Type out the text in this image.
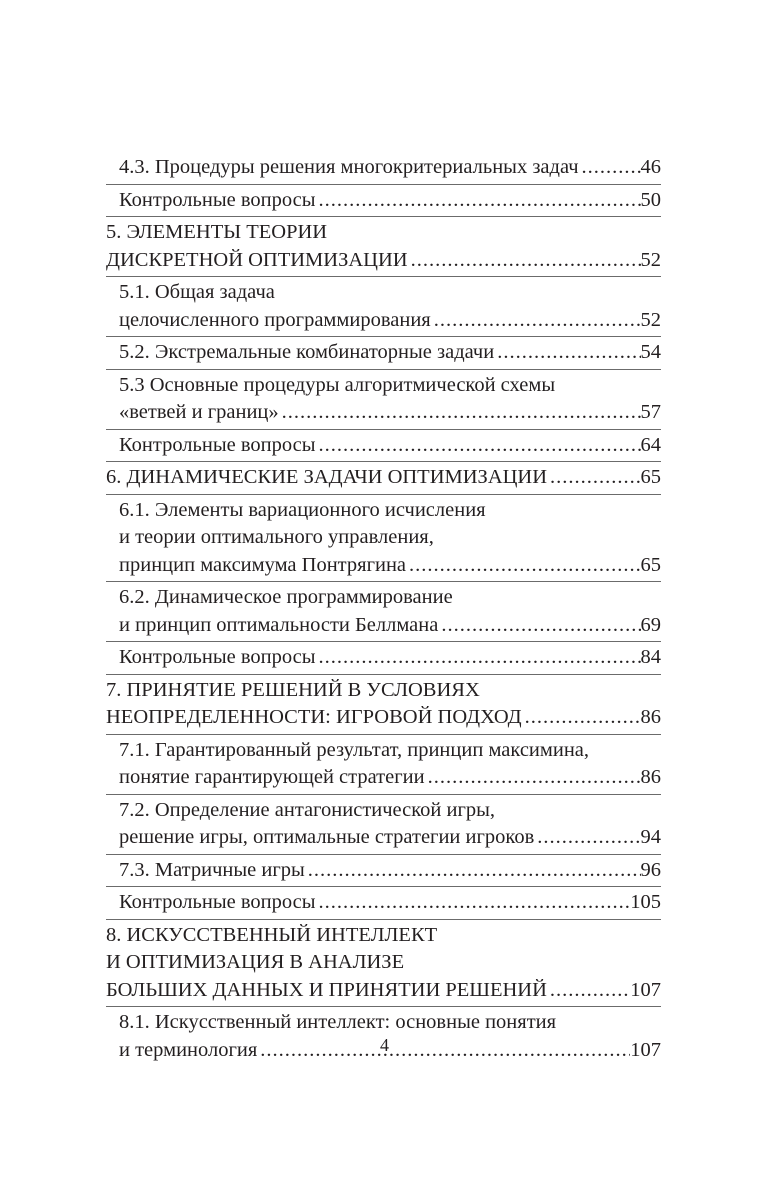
4.3. Процедуры решения многокритериальных задач .....	46
Контрольные вопросы .....	50
5. ЭЛЕМЕНТЫ ТЕОРИИ
ДИСКРЕТНОЙ ОПТИМИЗАЦИИ .....	52
5.1. Общая задача
целочисленного программирования .....	52
5.2. Экстремальные комбинаторные задачи .....	54
5.3 Основные процедуры алгоритмической схемы
«ветвей и границ» .....	57
Контрольные вопросы .....	64
6. ДИНАМИЧЕСКИЕ ЗАДАЧИ ОПТИМИЗАЦИИ .....	65
6.1. Элементы вариационного исчисления
и теории оптимального управления,
принцип максимума Понтрягина .....	65
6.2. Динамическое программирование
и принцип оптимальности Беллмана .....	69
Контрольные вопросы .....	84
7. ПРИНЯТИЕ РЕШЕНИЙ В УСЛОВИЯХ
НЕОПРЕДЕЛЕННОСТИ: ИГРОВОЙ ПОДХОД .....	86
7.1. Гарантированный результат, принцип максимина,
понятие гарантирующей стратегии .....	86
7.2. Определение антагонистической игры,
решение игры, оптимальные стратегии игроков .....	94
7.3. Матричные игры .....	96
Контрольные вопросы .....	105
8. ИСКУССТВЕННЫЙ ИНТЕЛЛЕКТ
И ОПТИМИЗАЦИЯ В АНАЛИЗЕ
БОЛЬШИХ ДАННЫХ И ПРИНЯТИИ РЕШЕНИЙ .....	107
8.1. Искусственный интеллект: основные понятия
и терминология .....	107
4
